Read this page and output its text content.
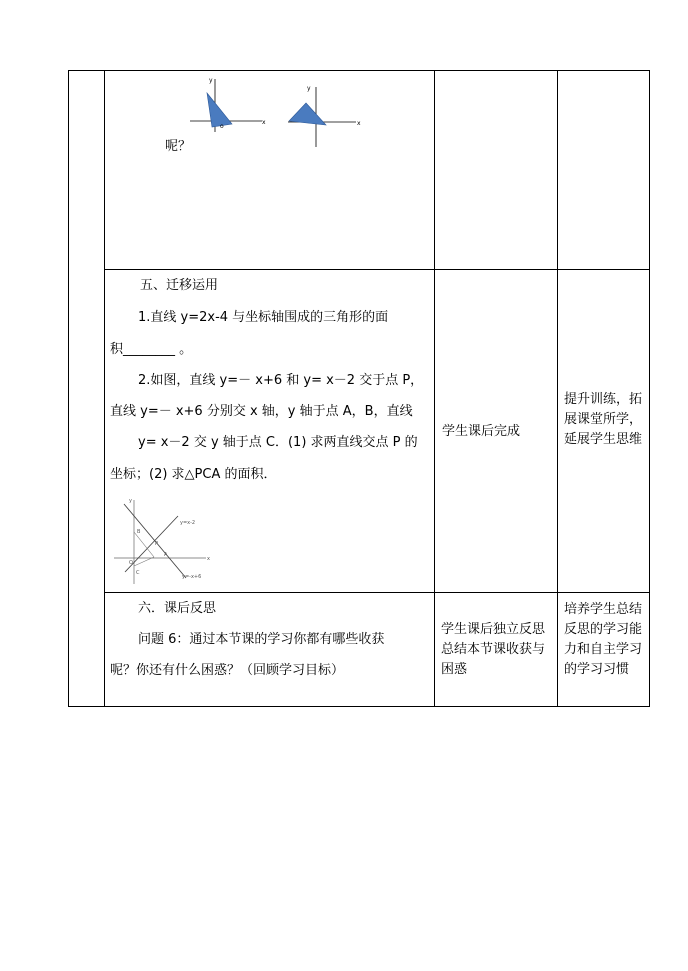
x
y
o	x
y
呢？
五、迁移运用
1.直线 y=2x-4 与坐标轴围成的三角形的面
积________ 。
2.如图，直线 y=－ x+6 和 y= x－2 交于点 P，
直线 y=－ x+6 分别交 x 轴，y 轴于点 A，B，直线
y= x－2 交 y 轴于点 C．(1) 求两直线交点 P 的
坐标；(2) 求△PCA 的面积．
x
y
y=x-2
y=-x+6
P
A
B
C
O
学生课后完成
提升训练，拓展课堂所学，延展学生思维
六．课后反思
问题 6：通过本节课的学习你都有哪些收获
呢？你还有什么困惑？（回顾学习目标）
学生课后独立反思总结本节课收获与困惑
培养学生总结反思的学习能力和自主学习的学习习惯
